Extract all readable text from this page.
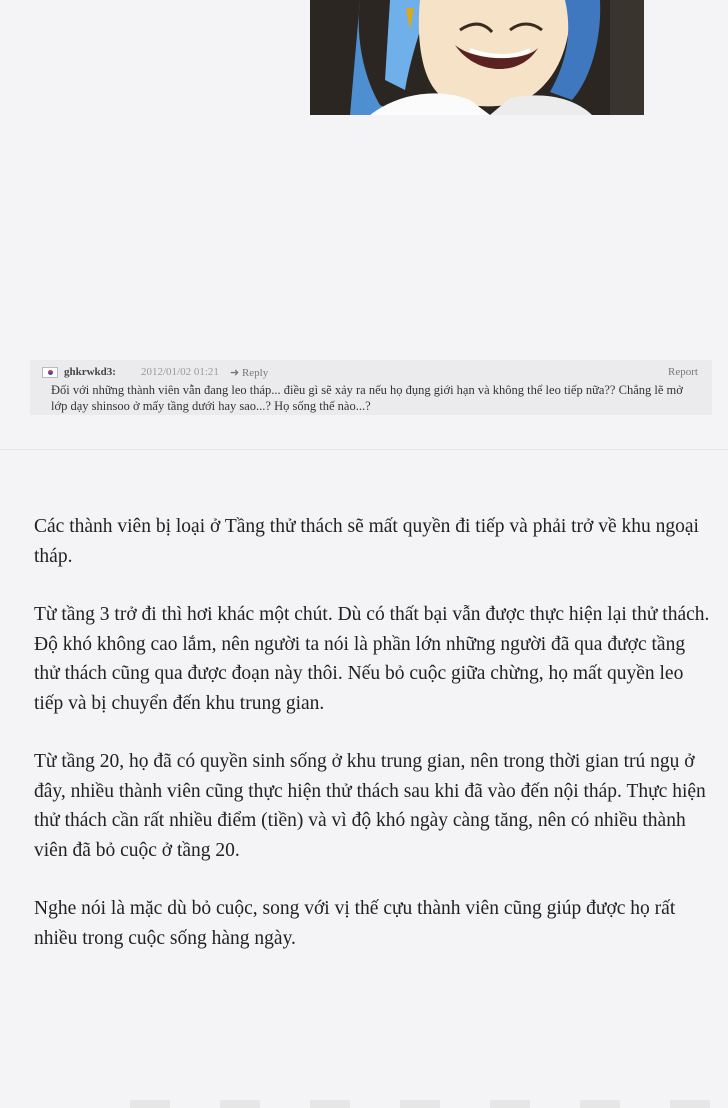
ghkrwkd3: 2012/01/02 01:21 ➜ Reply	Report
Đối với những thành viên vẫn đang leo tháp... điều gì sẽ xảy ra nếu họ đụng giới hạn và không thể leo tiếp nữa?? Chẳng lẽ mở lớp dạy shinsoo ở mấy tầng dưới hay sao...? Họ sống thế nào...?

Các thành viên bị loại ở Tầng thử thách sẽ mất quyền đi tiếp và phải trở về khu ngoại tháp.

Từ tầng 3 trở đi thì hơi khác một chút. Dù có thất bại vẫn được thực hiện lại thử thách. Độ khó không cao lắm, nên người ta nói là phần lớn những người đã qua được tầng thử thách cũng qua được đoạn này thôi. Nếu bỏ cuộc giữa chừng, họ mất quyền leo tiếp và bị chuyển đến khu trung gian.

Từ tầng 20, họ đã có quyền sinh sống ở khu trung gian, nên trong thời gian trú ngụ ở đây, nhiều thành viên cũng thực hiện thử thách sau khi đã vào đến nội tháp. Thực hiện thử thách cần rất nhiều điểm (tiền) và vì độ khó ngày càng tăng, nên có nhiều thành viên đã bỏ cuộc ở tầng 20.

Nghe nói là mặc dù bỏ cuộc, song với vị thế cựu thành viên cũng giúp được họ rất nhiều trong cuộc sống hàng ngày.
